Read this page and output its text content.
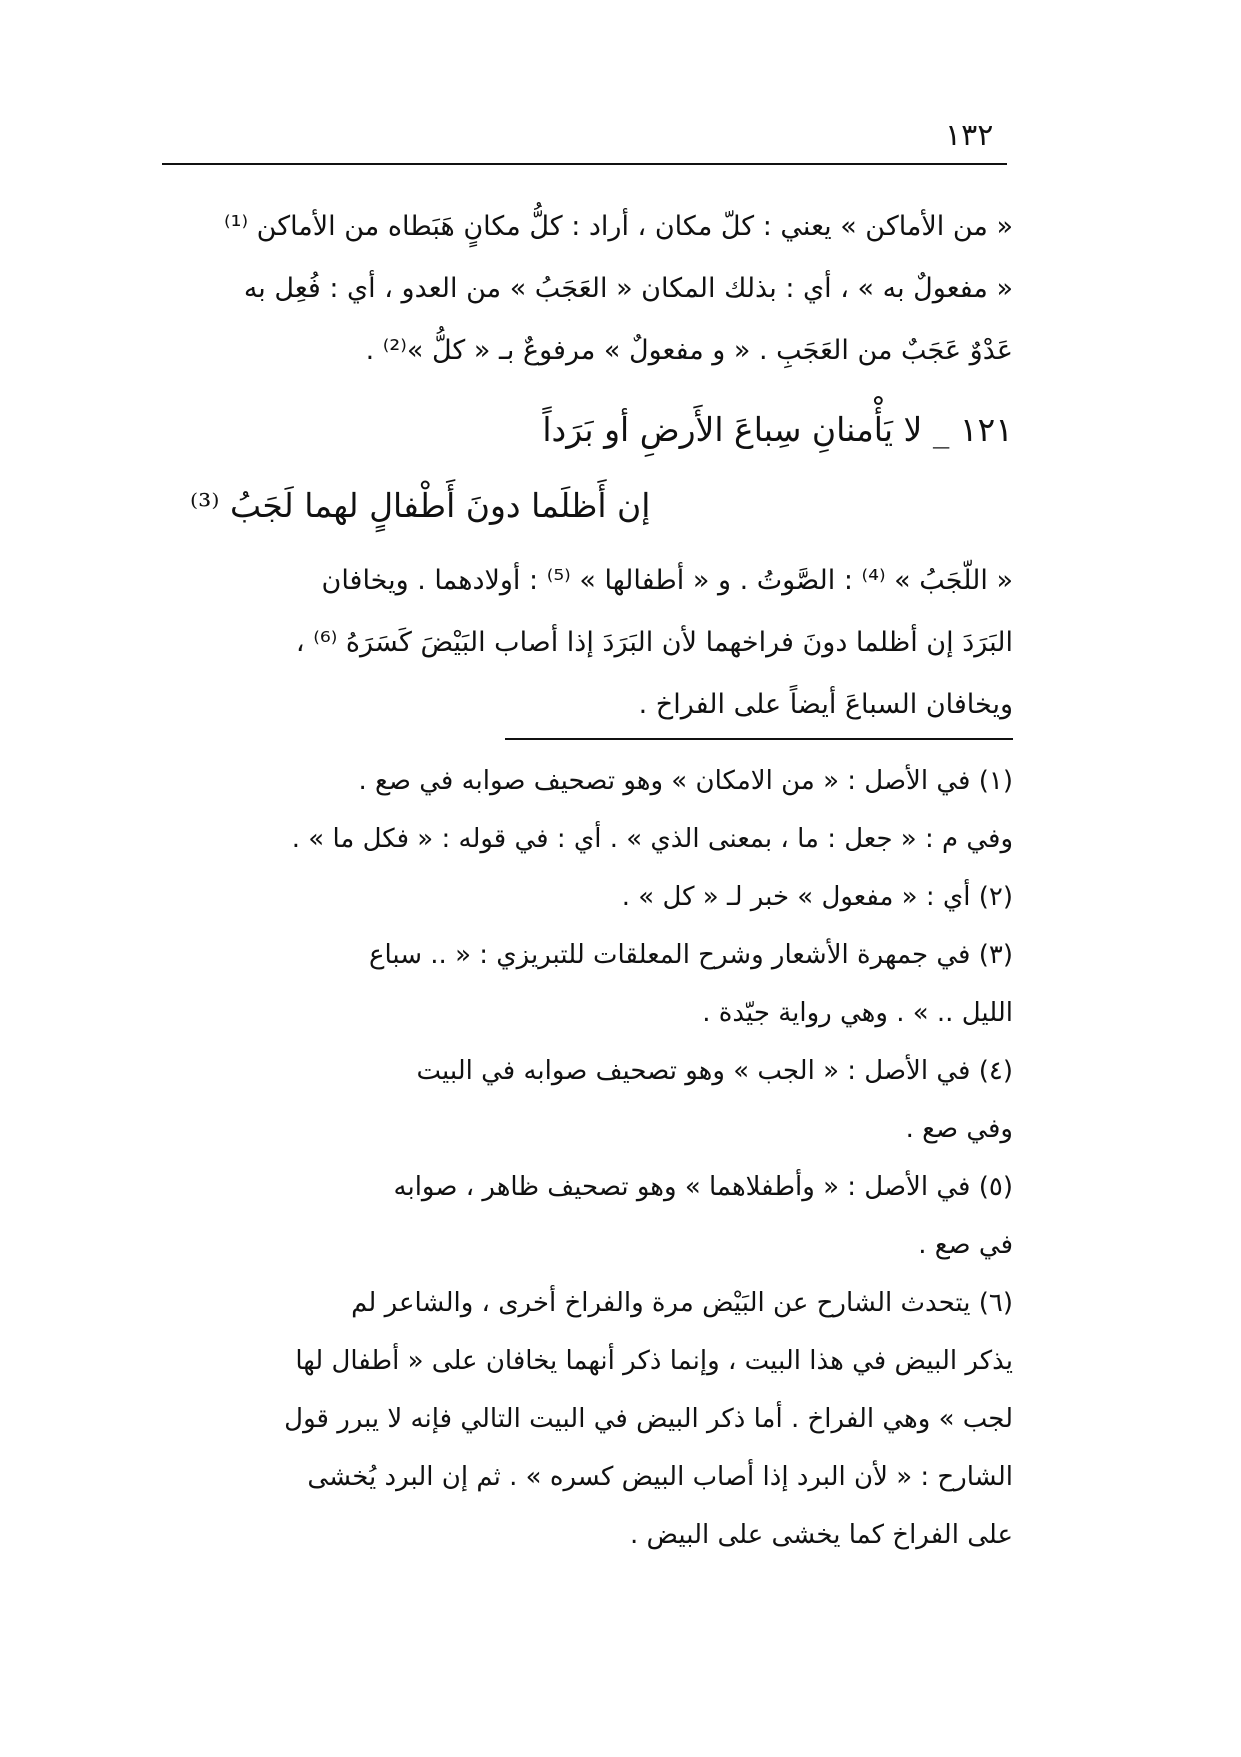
١٣٢
« من الأماكن » يعني : كلّ مكان ، أراد : كلُّ مكانٍ هَبَطاه من الأماكن ⁽¹⁾
« مفعولٌ به » ، أي : بذلك المكان « العَجَبُ » من العدو ، أي : فُعِل به
عَدْوٌ عَجَبٌ من العَجَبِ . « و مفعولٌ » مرفوعٌ بـ « كلُّ »⁽²⁾ .
١٢١ _ لا يَأْمنانِ سِباعَ الأَرضِ أو بَرَداً
إن أَظلَما دونَ أَطْفالٍ لهما لَجَبُ ⁽³⁾
« اللّجَبُ » ⁽⁴⁾ : الصَّوتُ . و « أطفالها » ⁽⁵⁾ : أولادهما . ويخافان
البَرَدَ إن أظلما دونَ فراخهما لأن البَرَدَ إذا أصاب البَيْضَ كَسَرَهُ ⁽⁶⁾ ،
ويخافان السباعَ أيضاً على الفراخ .
(١) في الأصل : « من الامكان » وهو تصحيف صوابه في صع .
وفي م : « جعل : ما ، بمعنى الذي » . أي : في قوله : « فكل ما » .
(٢) أي : « مفعول » خبر لـ « كل » .
(٣) في جمهرة الأشعار وشرح المعلقات للتبريزي : « .. سباع
الليل .. » . وهي رواية جيّدة .
(٤) في الأصل : « الجب » وهو تصحيف صوابه في البيت
وفي صع .
(٥) في الأصل : « وأطفلاهما » وهو تصحيف ظاهر ، صوابه
في صع .
(٦) يتحدث الشارح عن البَيْض مرة والفراخ أخرى ، والشاعر لم
يذكر البيض في هذا البيت ، وإنما ذكر أنهما يخافان على « أطفال لها
لجب » وهي الفراخ . أما ذكر البيض في البيت التالي فإنه لا يبرر قول
الشارح : « لأن البرد إذا أصاب البيض كسره » . ثم إن البرد يُخشى
على الفراخ كما يخشى على البيض .
